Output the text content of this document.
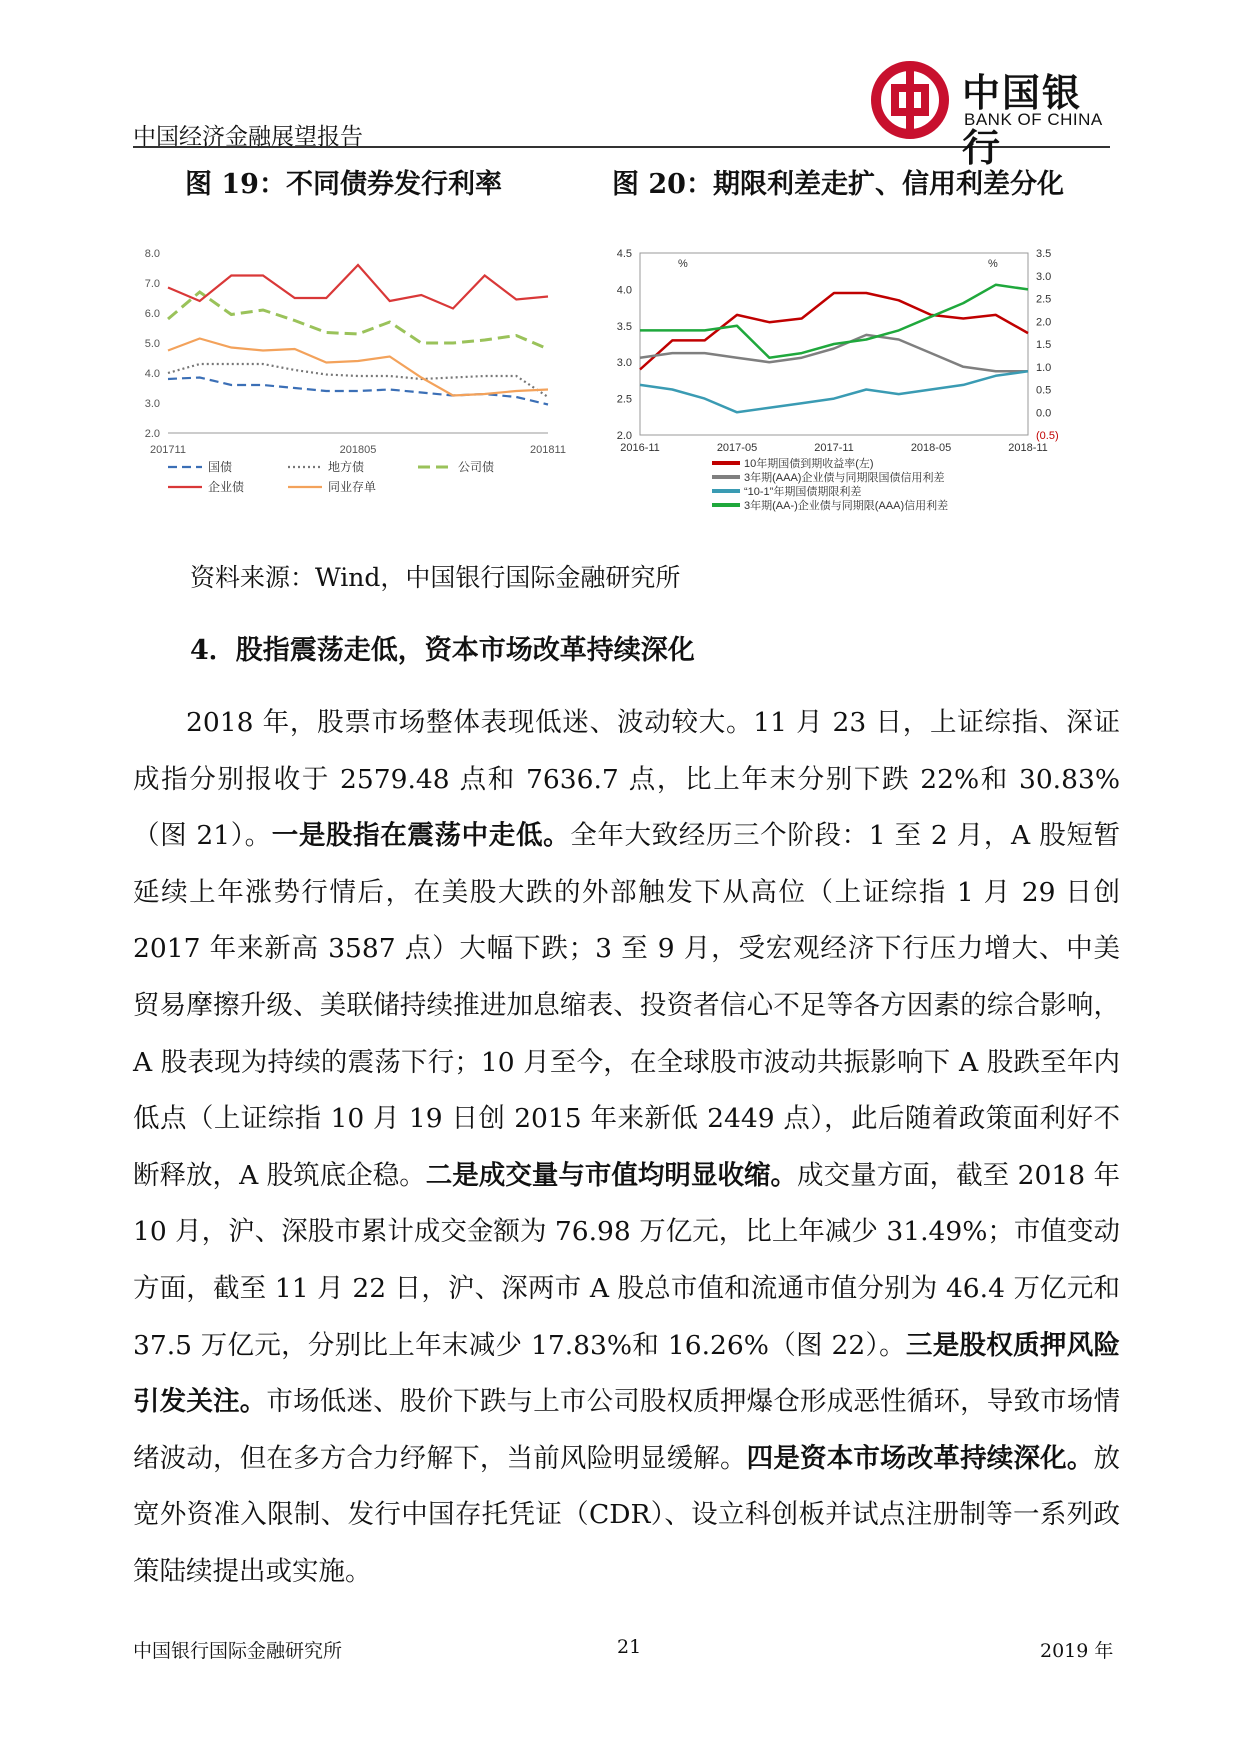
中国经济金融展望报告
中国银行
BANK OF CHINA
图 19：不同债券发行利率	图 20：期限利差走扩、信用利差分化
8.0
7.0
6.0
5.0
4.0
3.0
2.0
201711	201805	201811
国债	地方债	公司债
企业债	同业存单
4.5
4.0
3.5
3.0
2.5
2.0
3.5
3.0
2.5
2.0
1.5
1.0
0.5
0.0
(0.5)
%	%
2016-11	2017-05	2017-11	2018-05	2018-11
10年期国债到期收益率(左)
3年期(AAA)企业债与同期限国债信用利差
“10-1”年期国债期限利差
3年期(AA-)企业债与同期限(AAA)信用利差
资料来源：Wind，中国银行国际金融研究所
4．股指震荡走低，资本市场改革持续深化

2018 年，股票市场整体表现低迷、波动较大。11 月 23 日，上证综指、深证成指分别报收于 2579.48 点和 7636.7 点，比上年末分别下跌 22%和 30.83%（图 21）。一是股指在震荡中走低。全年大致经历三个阶段：1 至 2 月，A 股短暂延续上年涨势行情后，在美股大跌的外部触发下从高位（上证综指 1 月 29 日创 2017 年来新高 3587 点）大幅下跌；3 至 9 月，受宏观经济下行压力增大、中美贸易摩擦升级、美联储持续推进加息缩表、投资者信心不足等各方因素的综合影响，A 股表现为持续的震荡下行；10 月至今，在全球股市波动共振影响下 A 股跌至年内低点（上证综指 10 月 19 日创 2015 年来新低 2449 点），此后随着政策面利好不断释放，A 股筑底企稳。二是成交量与市值均明显收缩。成交量方面，截至 2018 年 10 月，沪、深股市累计成交金额为 76.98 万亿元，比上年减少 31.49%；市值变动方面，截至 11 月 22 日，沪、深两市 A 股总市值和流通市值分别为 46.4 万亿元和 37.5 万亿元，分别比上年末减少 17.83%和 16.26%（图 22）。三是股权质押风险引发关注。市场低迷、股价下跌与上市公司股权质押爆仓形成恶性循环，导致市场情绪波动，但在多方合力纾解下，当前风险明显缓解。四是资本市场改革持续深化。放宽外资准入限制、发行中国存托凭证（CDR）、设立科创板并试点注册制等一系列政策陆续提出或实施。

中国银行国际金融研究所	21	2019 年
